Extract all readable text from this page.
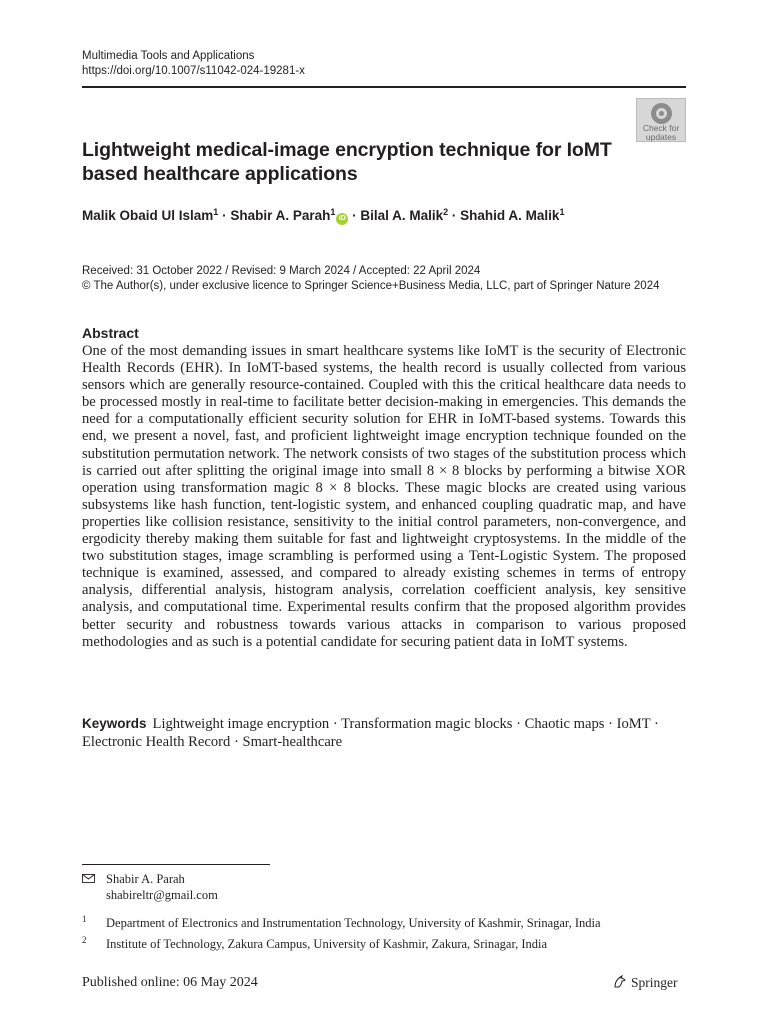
Multimedia Tools and Applications
https://doi.org/10.1007/s11042-024-19281-x
Check for
updates
Lightweight medical-image encryption technique for IoMT based healthcare applications
Malik Obaid Ul Islam$^1$ · Shabir A. Parah$^1$iD · Bilal A. Malik$^2$ · Shahid A. Malik$^1$
Received: 31 October 2022 / Revised: 9 March 2024 / Accepted: 22 April 2024
© The Author(s), under exclusive licence to Springer Science+Business Media, LLC, part of Springer Nature 2024
Abstract

One of the most demanding issues in smart healthcare systems like IoMT is the security of Electronic Health Records (EHR). In IoMT-based systems, the health record is usually collected from various sensors which are generally resource-contained. Coupled with this the critical healthcare data needs to be processed mostly in real-time to facilitate better decision-making in emergencies. This demands the need for a computationally efficient security solution for EHR in IoMT-based systems. Towards this end, we present a novel, fast, and proficient lightweight image encryption technique founded on the substitution permutation network. The network consists of two stages of the substitution process which is carried out after splitting the original image into small 8 × 8 blocks by performing a bitwise XOR operation using transformation magic 8 × 8 blocks. These magic blocks are created using various subsystems like hash function, tent-logistic system, and enhanced coupling quadratic map, and have properties like collision resistance, sensitivity to the initial control parameters, non-convergence, and ergodicity thereby making them suitable for fast and lightweight cryptosystems. In the middle of the two substitution stages, image scrambling is performed using a Tent-Logistic System. The proposed technique is examined, assessed, and compared to already existing schemes in terms of entropy analysis, differential analysis, histogram analysis, correlation coefficient analysis, key sensitive analysis, and computational time. Experimental results confirm that the proposed algorithm provides better security and robustness towards various attacks in comparison to various proposed methodologies and as such is a potential candidate for securing patient data in IoMT systems.

Keywords Lightweight image encryption · Transformation magic blocks · Chaotic maps · IoMT · Electronic Health Record · Smart-healthcare

Shabir A. Parah
shabireltr@gmail.com
1 Department of Electronics and Instrumentation Technology, University of Kashmir, Srinagar, India
2 Institute of Technology, Zakura Campus, University of Kashmir, Zakura, Srinagar, India
Published online: 06 May 2024	Springer
